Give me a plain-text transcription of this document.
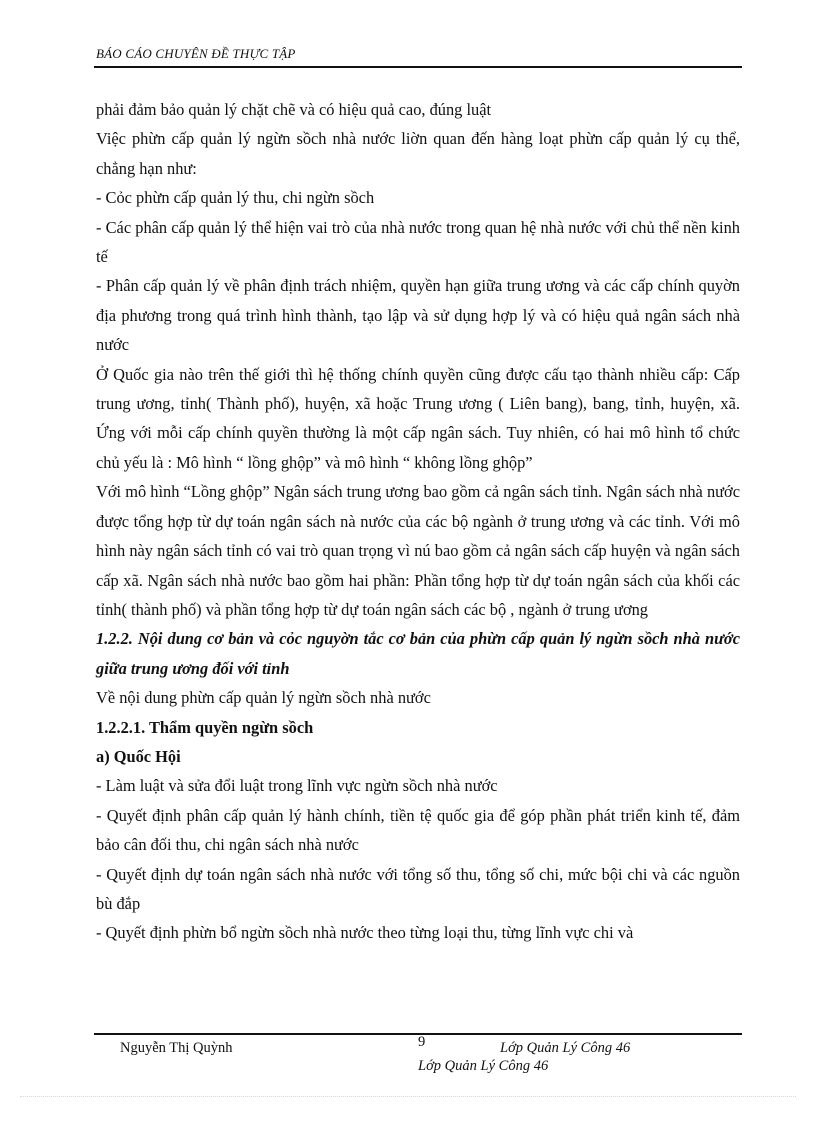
BÁO CÁO CHUYÊN ĐỀ THỰC TẬP

phải đảm bảo quản lý chặt chẽ và có hiệu quả cao, đúng luật

Việc phừn cấp quản lý ngừn sồch nhà nước liờn quan đến hàng loạt phừn cấp quản lý cụ thể, chẳng hạn như:

- Cỏc phừn cấp quản lý thu, chi ngừn sồch

- Các phân cấp quản lý thể hiện vai trò của nhà nước trong quan hệ nhà nước với chủ thể nền kinh tế

- Phân cấp quản lý về phân định trách nhiệm, quyền hạn giữa trung ương và các cấp chính quyờn địa phương trong quá trình hình thành, tạo lập và sử dụng hợp lý và có hiệu quả ngân sách nhà nước

Ở Quốc gia nào trên thế giới thì hệ thống chính quyền cũng được cấu tạo thành nhiều cấp: Cấp trung ương, tỉnh( Thành phố), huyện, xã hoặc Trung ương ( Liên bang), bang, tỉnh, huyện, xã. Ứng với mỗi cấp chính quyền thường là một cấp ngân sách. Tuy nhiên, có hai mô hình tổ chức chủ yếu là : Mô hình “ lồng ghộp” và mô hình “ không lồng ghộp”

Với mô hình “Lồng ghộp” Ngân sách trung ương bao gồm cả ngân sách tỉnh. Ngân sách nhà nước được tổng hợp từ dự toán ngân sách nà nước của các bộ ngành ở trung ương và các tỉnh. Với mô hình này ngân sách tỉnh có vai trò quan trọng vì nú bao gồm cả ngân sách cấp huyện và ngân sách cấp xã. Ngân sách nhà nước bao gồm hai phần: Phần tổng hợp từ dự toán ngân sách của khối các tỉnh( thành phố) và phần tổng hợp từ dự toán ngân sách các bộ , ngành ở trung ương

1.2.2. Nội dung cơ bản và cỏc nguyờn tắc cơ bản của phừn cấp quản lý ngừn sồch nhà nước giữa trung ương đối với tỉnh

Về nội dung phừn cấp quản lý ngừn sồch nhà nước

1.2.2.1. Thẩm quyền ngừn sồch

a) Quốc Hội

- Làm luật và sửa đổi luật trong lĩnh vực ngừn sồch nhà nước

- Quyết định phân cấp quản lý hành chính, tiền tệ quốc gia để góp phần phát triển kinh tế, đảm bảo cân đối thu, chi ngân sách nhà nước

- Quyết định dự toán ngân sách nhà nước với tổng số thu, tổng số chi, mức bội chi và các nguồn bù đắp

- Quyết định phừn bổ ngừn sồch nhà nước theo từng loại thu, từng lĩnh vực chi và

Nguyễn Thị Quỳnh	9	Lớp Quản Lý Công 46
Lớp Quản Lý Công 46
